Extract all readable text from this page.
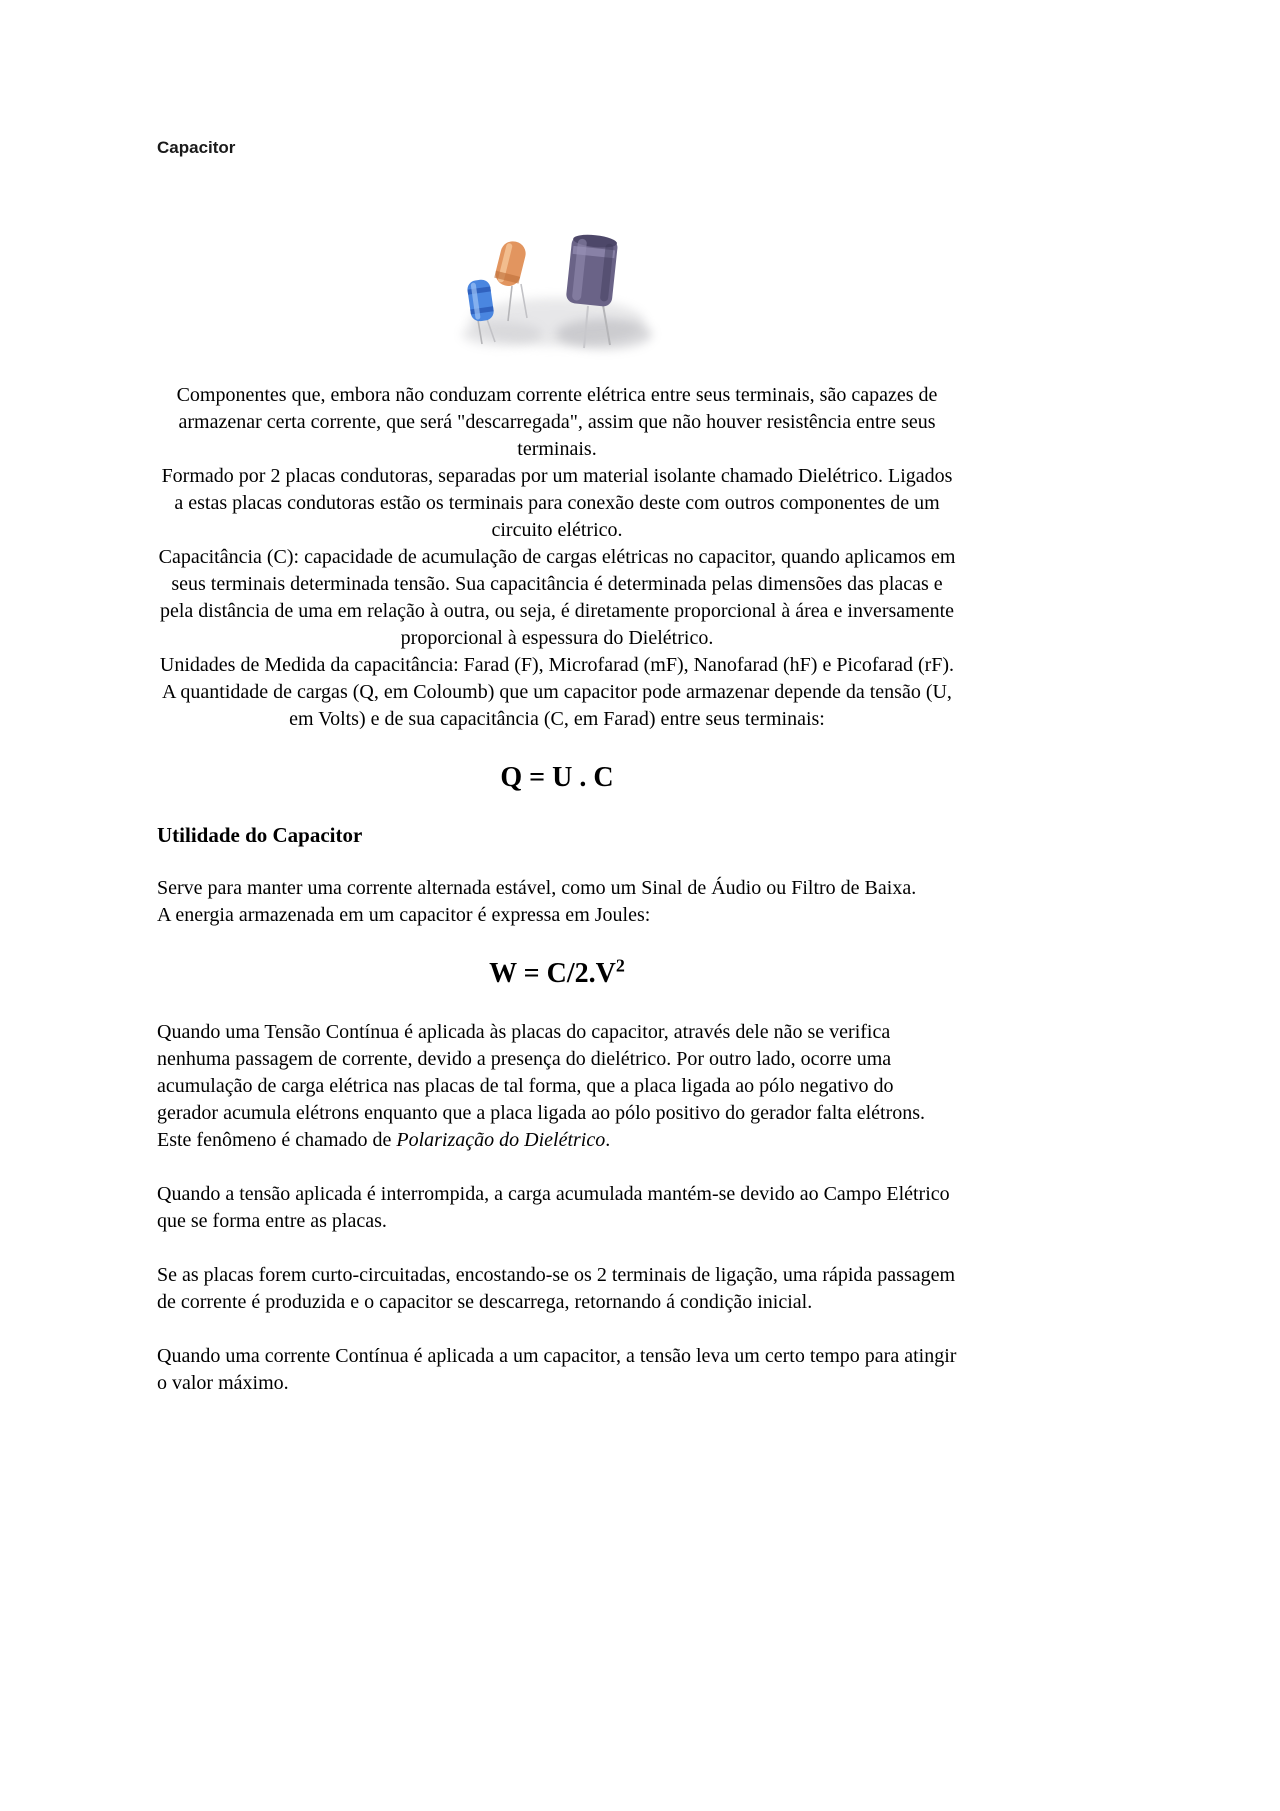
Capacitor

Componentes que, embora não conduzam corrente elétrica entre seus terminais, são capazes de armazenar certa corrente, que será "descarregada", assim que não houver resistência entre seus terminais.

Formado por 2 placas condutoras, separadas por um material isolante chamado Dielétrico. Ligados a estas placas condutoras estão os terminais para conexão deste com outros componentes de um circuito elétrico.

Capacitância (C): capacidade de acumulação de cargas elétricas no capacitor, quando aplicamos em seus terminais determinada tensão. Sua capacitância é determinada pelas dimensões das placas e pela distância de uma em relação à outra, ou seja, é diretamente proporcional à área e inversamente proporcional à espessura do Dielétrico.

Unidades de Medida da capacitância: Farad (F), Microfarad (mF), Nanofarad (hF) e Picofarad (rF).

A quantidade de cargas (Q, em Coloumb) que um capacitor pode armazenar depende da tensão (U, em Volts) e de sua capacitância (C, em Farad) entre seus terminais:

Q = U . C
Utilidade do Capacitor

Serve para manter uma corrente alternada estável, como um Sinal de Áudio ou Filtro de Baixa.

A energia armazenada em um capacitor é expressa em Joules:

$W = C/2.V^2$

Quando uma Tensão Contínua é aplicada às placas do capacitor, através dele não se verifica nenhuma passagem de corrente, devido a presença do dielétrico. Por outro lado, ocorre uma acumulação de carga elétrica nas placas de tal forma, que a placa ligada ao pólo negativo do gerador acumula elétrons enquanto que a placa ligada ao pólo positivo do gerador falta elétrons. Este fenômeno é chamado de Polarização do Dielétrico.

Quando a tensão aplicada é interrompida, a carga acumulada mantém-se devido ao Campo Elétrico que se forma entre as placas.

Se as placas forem curto-circuitadas, encostando-se os 2 terminais de ligação, uma rápida passagem de corrente é produzida e o capacitor se descarrega, retornando á condição inicial.

Quando uma corrente Contínua é aplicada a um capacitor, a tensão leva um certo tempo para atingir o valor máximo.
